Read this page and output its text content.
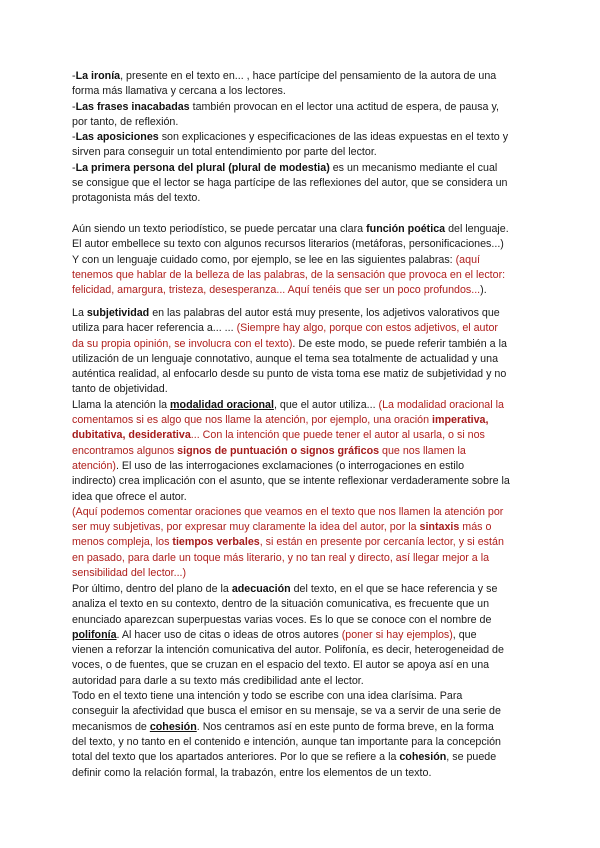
-La ironía, presente en el texto en... , hace partícipe del pensamiento de la autora de una
forma más llamativa y cercana a los lectores.
-Las frases inacabadas también provocan en el lector una actitud de espera, de pausa y,
por tanto, de reflexión.
-Las aposiciones son explicaciones y especificaciones de las ideas expuestas en el texto y
sirven para conseguir un total entendimiento por parte del lector.
-La primera persona del plural (plural de modestia) es un mecanismo mediante el cual
se consigue que el lector se haga partícipe de las reflexiones del autor, que se considera un
protagonista más del texto.
Aún siendo un texto periodístico, se puede percatar una clara función poética del lenguaje.
El autor embellece su texto con algunos recursos literarios (metáforas, personificaciones...)
Y con un lenguaje cuidado como, por ejemplo, se lee en las siguientes palabras: (aquí
tenemos que hablar de la belleza de las palabras, de la sensación que provoca en el lector:
felicidad, amargura, tristeza, desesperanza... Aquí tenéis que ser un poco profundos...).
La subjetividad en las palabras del autor está muy presente, los adjetivos valorativos que
utiliza para hacer referencia a... ... (Siempre hay algo, porque con estos adjetivos, el autor
da su propia opinión, se involucra con el texto). De este modo, se puede referir también a la
utilización de un lenguaje connotativo, aunque el tema sea totalmente de actualidad y una
auténtica realidad, al enfocarlo desde su punto de vista toma ese matiz de subjetividad y no
tanto de objetividad.
Llama la atención la modalidad oracional, que el autor utiliza... (La modalidad oracional la
comentamos si es algo que nos llame la atención, por ejemplo, una oración imperativa,
dubitativa, desiderativa... Con la intención que puede tener el autor al usarla, o si nos
encontramos algunos signos de puntuación o signos gráficos que nos llamen la
atención). El uso de las interrogaciones exclamaciones (o interrogaciones en estilo
indirecto) crea implicación con el asunto, que se intente reflexionar verdaderamente sobre la
idea que ofrece el autor.
(Aquí podemos comentar oraciones que veamos en el texto que nos llamen la atención por
ser muy subjetivas, por expresar muy claramente la idea del autor, por la sintaxis más o
menos compleja, los tiempos verbales, si están en presente por cercanía lector, y si están
en pasado, para darle un toque más literario, y no tan real y directo, así llegar mejor a la
sensibilidad del lector...)
Por último, dentro del plano de la adecuación del texto, en el que se hace referencia y se
analiza el texto en su contexto, dentro de la situación comunicativa, es frecuente que un
enunciado aparezcan superpuestas varias voces. Es lo que se conoce con el nombre de
polifonía. Al hacer uso de citas o ideas de otros autores (poner si hay ejemplos), que
vienen a reforzar la intención comunicativa del autor. Polifonía, es decir, heterogeneidad de
voces, o de fuentes, que se cruzan en el espacio del texto. El autor se apoya así en una
autoridad para darle a su texto más credibilidad ante el lector.
Todo en el texto tiene una intención y todo se escribe con una idea clarísima. Para
conseguir la afectividad que busca el emisor en su mensaje, se va a servir de una serie de
mecanismos de cohesión. Nos centramos así en este punto de forma breve, en la forma
del texto, y no tanto en el contenido e intención, aunque tan importante para la concepción
total del texto que los apartados anteriores. Por lo que se refiere a la cohesión, se puede
definir como la relación formal, la trabazón, entre los elementos de un texto.
